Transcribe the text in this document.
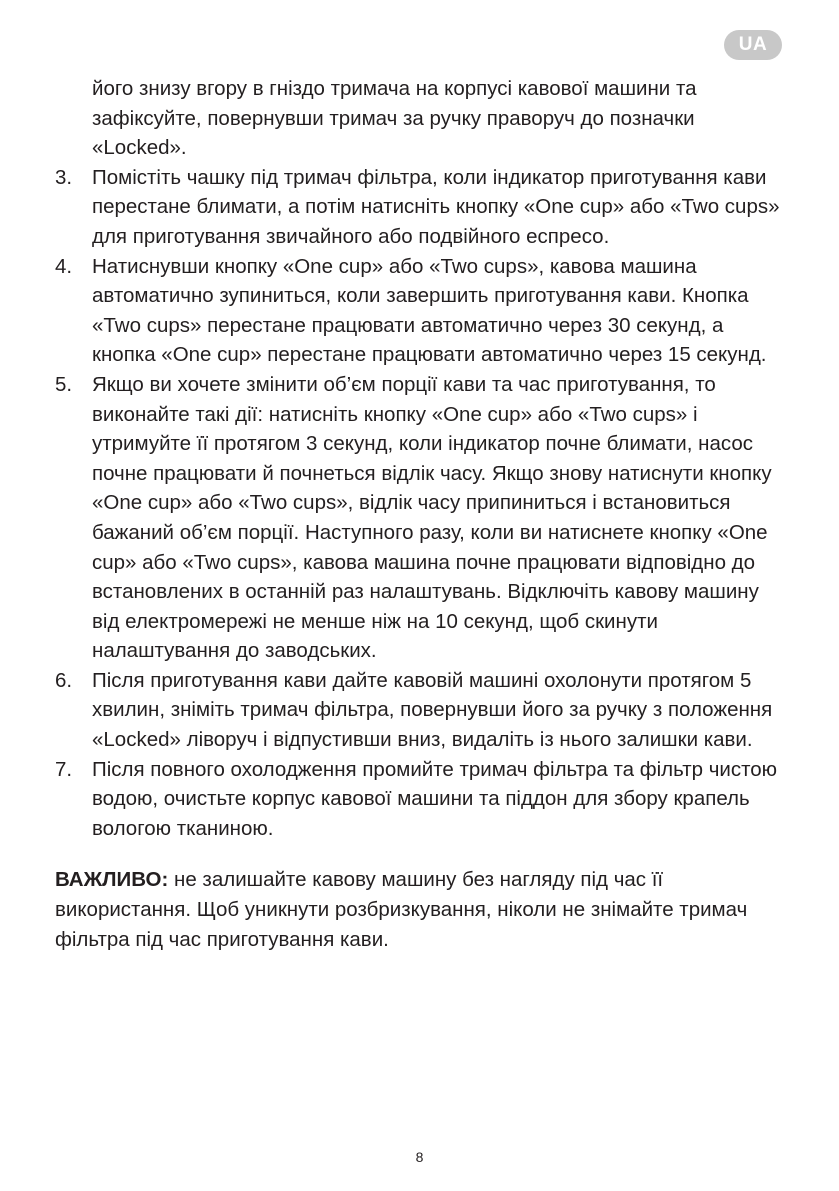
UA

його знизу вгору в гніздо тримача на корпусі кавової машини та зафіксуйте, повернувши тримач за ручку праворуч до позначки «Locked».

3. Помістіть чашку під тримач фільтра, коли індикатор приготування кави перестане блимати, а потім натисніть кнопку «One cup» або «Two cups» для приготування звичайного або подвійного еспресо.
4. Натиснувши кнопку «One cup» або «Two cups», кавова машина автоматично зупиниться, коли завершить приготування кави. Кнопка «Two cups» перестане працювати автоматично через 30 секунд, а кнопка «One cup» перестане працювати автоматично через 15 секунд.
5. Якщо ви хочете змінити об’єм порції кави та час приготування, то виконайте такі дії: натисніть кнопку «One cup» або «Two cups» і утримуйте її протягом 3 секунд, коли індикатор почне блимати, насос почне працювати й почнеться відлік часу. Якщо знову натиснути кнопку «One cup» або «Two cups», відлік часу припиниться і встановиться бажаний об’єм порції. Наступного разу, коли ви натиснете кнопку «One cup» або «Two cups», кавова машина почне працювати відповідно до встановлених в останній раз налаштувань. Відключіть кавову машину від електромережі не менше ніж на 10 секунд, щоб скинути налаштування до заводських.
6. Після приготування кави дайте кавовій машині охолонути протягом 5 хвилин, зніміть тримач фільтра, повернувши його за ручку з положення «Locked» ліворуч і відпустивши вниз, видаліть із нього залишки кави.
7. Після повного охолодження промийте тримач фільтра та фільтр чистою водою, очистьте корпус кавової машини та піддон для збору крапель вологою тканиною.

ВАЖЛИВО: не залишайте кавову машину без нагляду під час її використання. Щоб уникнути розбризкування, ніколи не знімайте тримач фільтра під час приготування кави.

8
